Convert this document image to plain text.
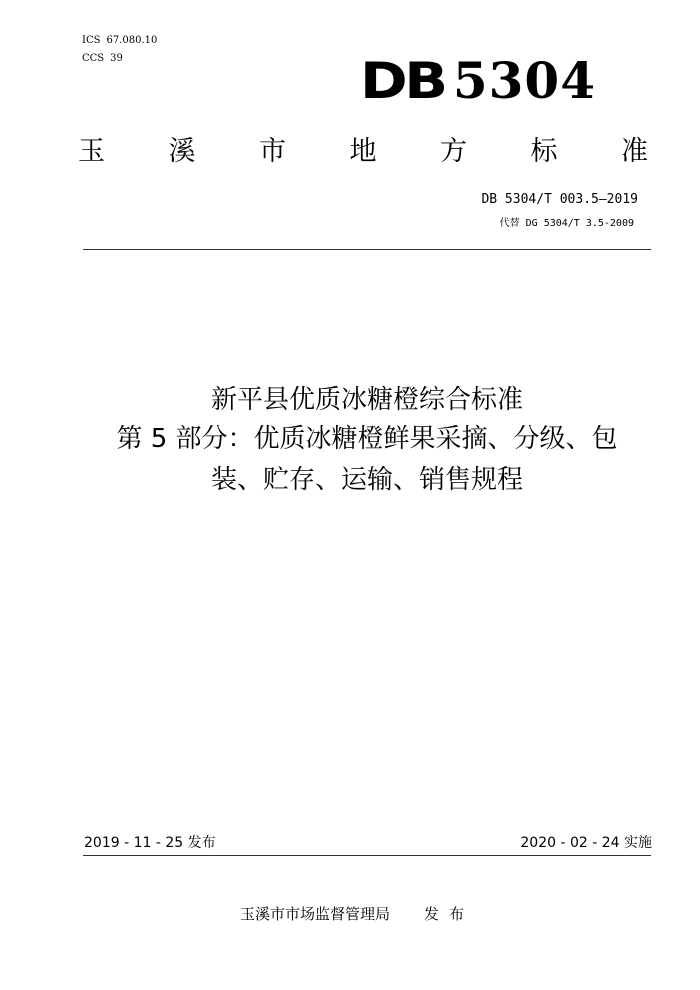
ICS 67.080.10
CCS 39	DB 5304
玉 溪 市 地 方 标 准
DB 5304/T 003.5—2019
代替 DG 5304/T 3.5-2009
新平县优质冰糖橙综合标准
第 5 部分：优质冰糖橙鲜果采摘、分级、包
装、贮存、运输、销售规程
2019 - 11 - 25 发布	2020 - 02 - 24 实施
玉溪市市场监督管理局 发布
